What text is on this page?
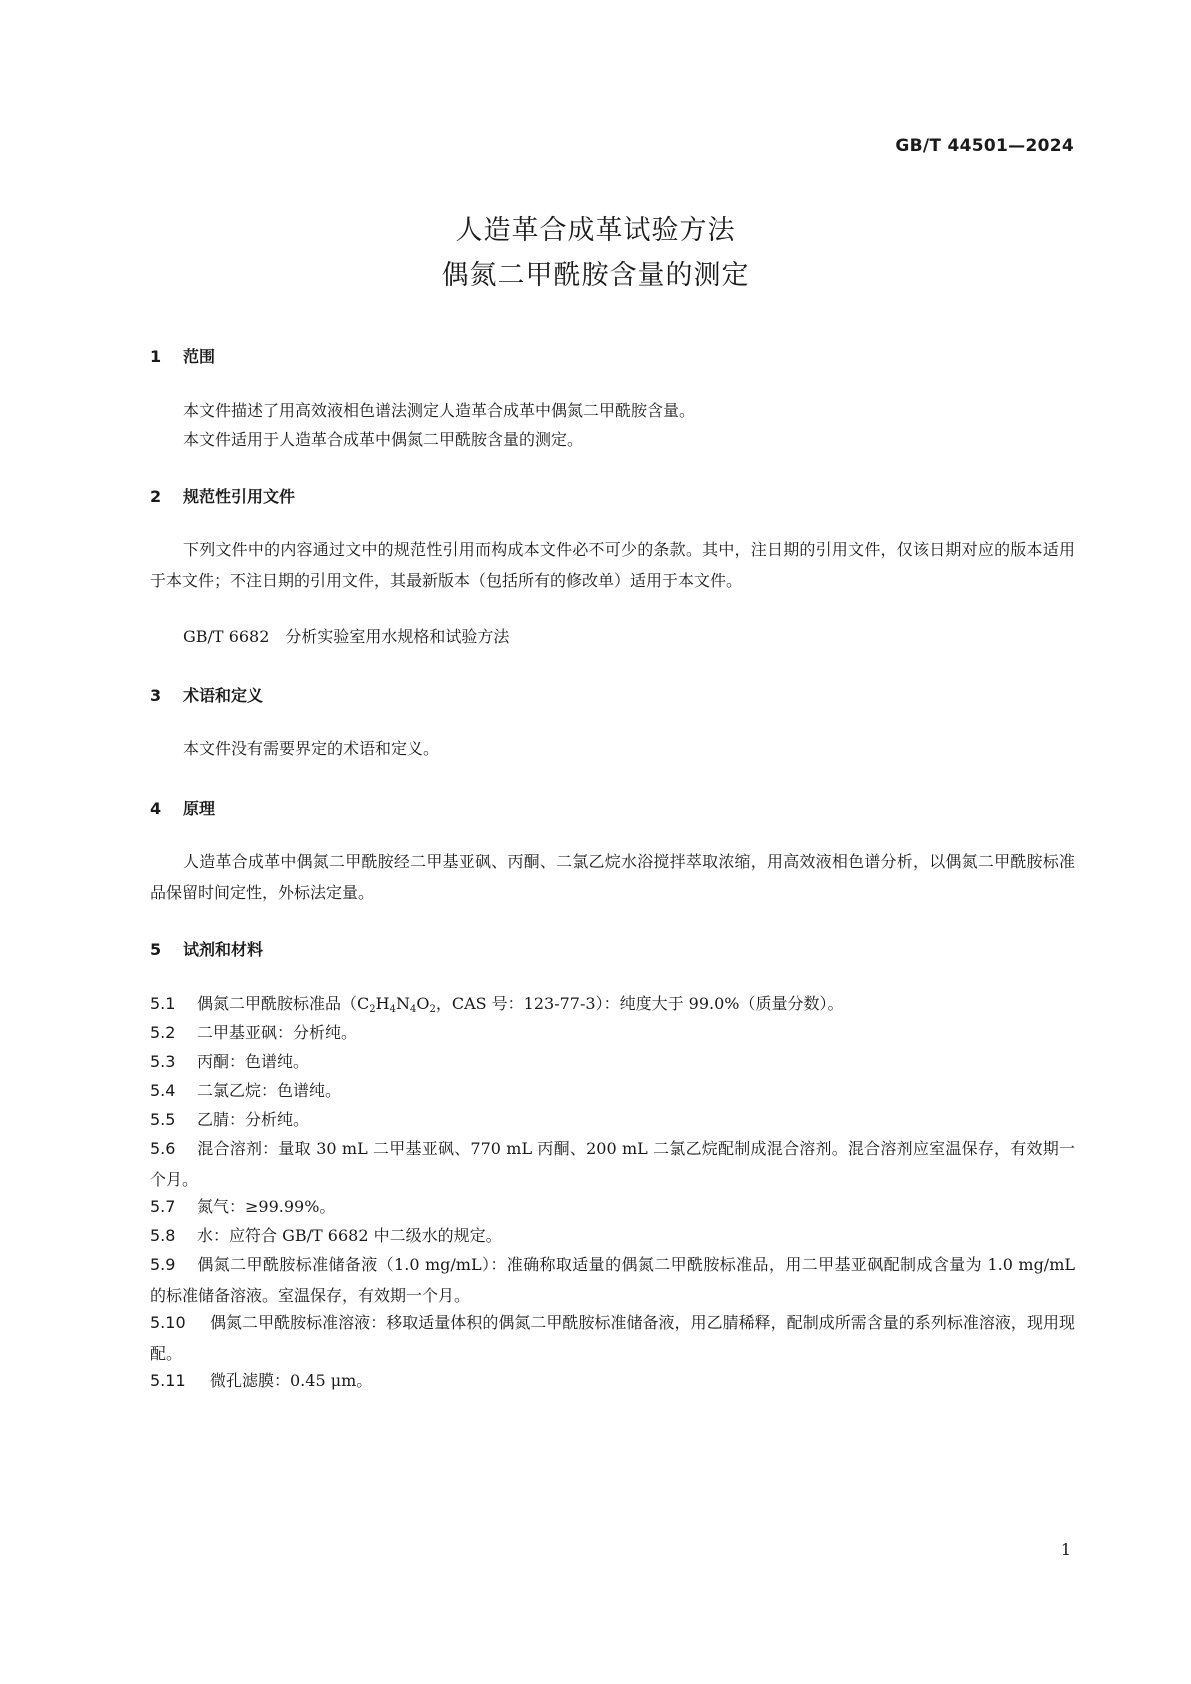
GB/T 44501—2024
人造革合成革试验方法
偶氮二甲酰胺含量的测定
1 范围
本文件描述了用高效液相色谱法测定人造革合成革中偶氮二甲酰胺含量。
本文件适用于人造革合成革中偶氮二甲酰胺含量的测定。
2 规范性引用文件
下列文件中的内容通过文中的规范性引用而构成本文件必不可少的条款。其中，注日期的引用文件，仅该日期对应的版本适用于本文件；不注日期的引用文件，其最新版本（包括所有的修改单）适用于本文件。
GB/T 6682　分析实验室用水规格和试验方法
3 术语和定义
本文件没有需要界定的术语和定义。
4 原理
人造革合成革中偶氮二甲酰胺经二甲基亚砜、丙酮、二氯乙烷水浴搅拌萃取浓缩，用高效液相色谱分析，以偶氮二甲酰胺标准品保留时间定性，外标法定量。
5 试剂和材料
5.1 偶氮二甲酰胺标准品（$C_2H_4N_4O_2$，CAS 号：123-77-3）：纯度大于 99.0%（质量分数）。
5.2 二甲基亚砜：分析纯。
5.3 丙酮：色谱纯。
5.4 二氯乙烷：色谱纯。
5.5 乙腈：分析纯。
5.6 混合溶剂：量取 30 mL 二甲基亚砜、770 mL 丙酮、200 mL 二氯乙烷配制成混合溶剂。混合溶剂应室温保存，有效期一个月。
5.7 氮气：≥99.99%。
5.8 水：应符合 GB/T 6682 中二级水的规定。
5.9 偶氮二甲酰胺标准储备液（1.0 mg/mL）：准确称取适量的偶氮二甲酰胺标准品，用二甲基亚砜配制成含量为 1.0 mg/mL 的标准储备溶液。室温保存，有效期一个月。
5.10 偶氮二甲酰胺标准溶液：移取适量体积的偶氮二甲酰胺标准储备液，用乙腈稀释，配制成所需含量的系列标准溶液，现用现配。
5.11 微孔滤膜：0.45 μm。
1
